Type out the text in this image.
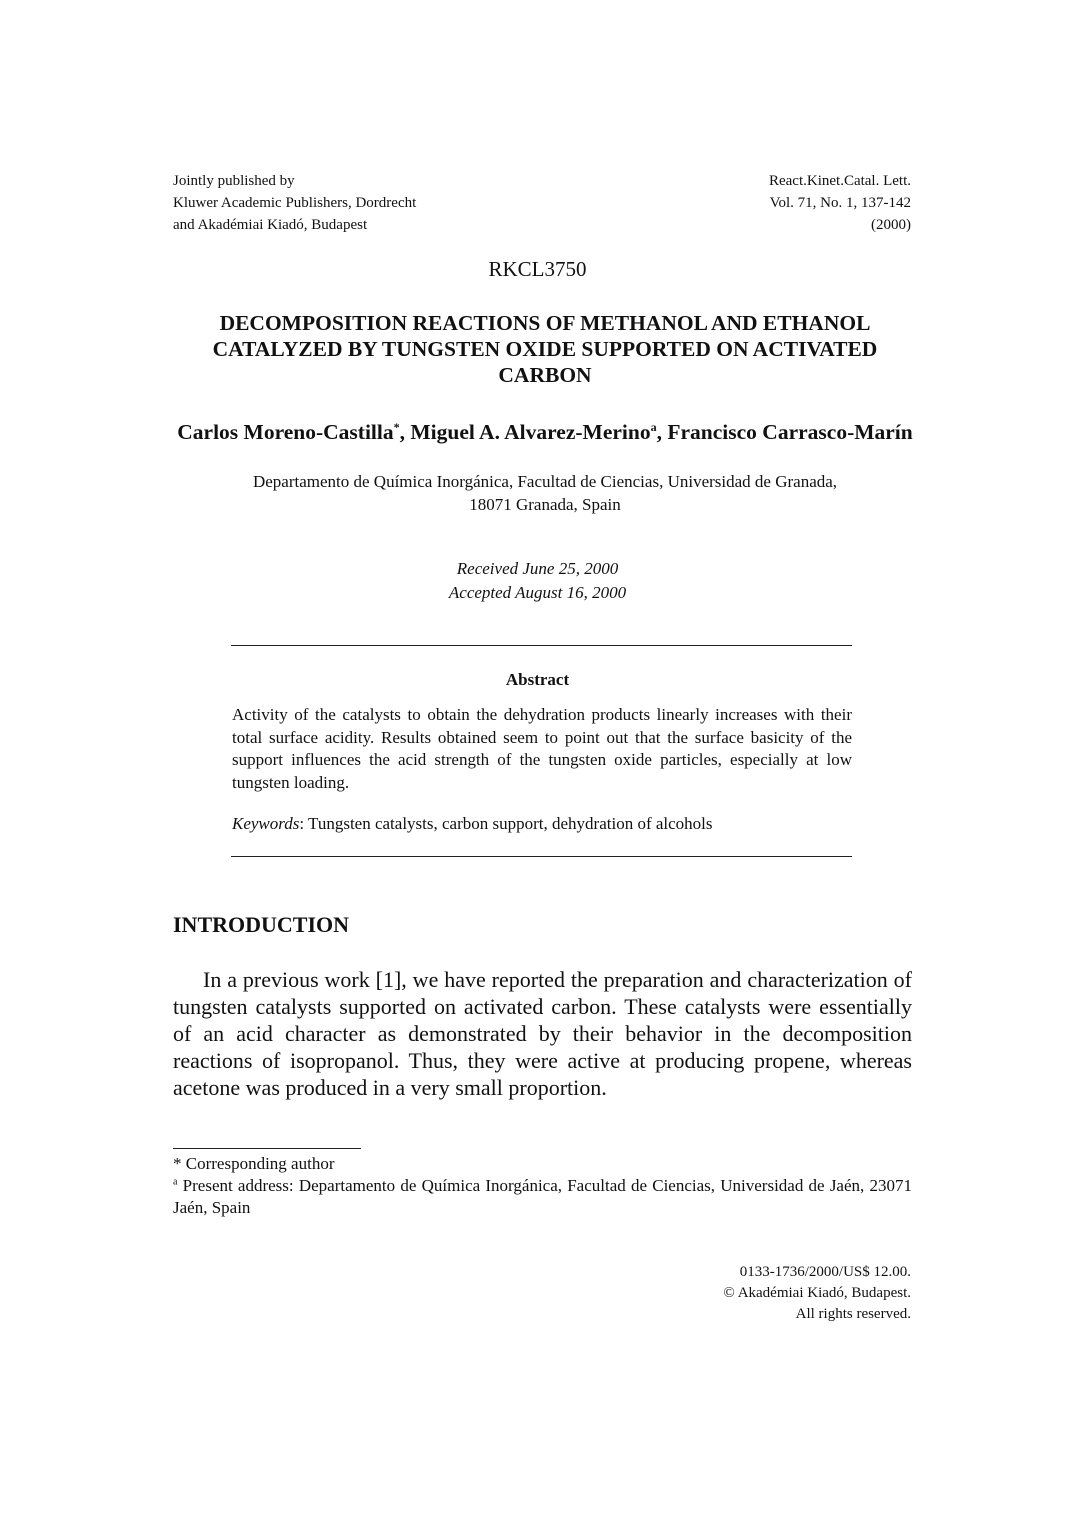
Jointly published by
Kluwer Academic Publishers, Dordrecht
and Akadémiai Kiadó, Budapest
React.Kinet.Catal. Lett.
Vol. 71, No. 1, 137-142
(2000)
RKCL3750
DECOMPOSITION REACTIONS OF METHANOL AND ETHANOL
CATALYZED BY TUNGSTEN OXIDE SUPPORTED ON ACTIVATED
CARBON
Carlos Moreno-Castilla*, Miguel A. Alvarez-Merino$^a$, Francisco Carrasco-Marín
Departamento de Química Inorgánica, Facultad de Ciencias, Universidad de Granada,
18071 Granada, Spain
Received June 25, 2000
Accepted August 16, 2000
Abstract
Activity of the catalysts to obtain the dehydration products linearly increases with their total surface acidity. Results obtained seem to point out that the surface basicity of the support influences the acid strength of the tungsten oxide particles, especially at low tungsten loading.
Keywords: Tungsten catalysts, carbon support, dehydration of alcohols
INTRODUCTION
In a previous work [1], we have reported the preparation and characterization of tungsten catalysts supported on activated carbon. These catalysts were essentially of an acid character as demonstrated by their behavior in the decomposition reactions of isopropanol. Thus, they were active at producing propene, whereas acetone was produced in a very small proportion.

* Corresponding author

$^a$ Present address: Departamento de Química Inorgánica, Facultad de Ciencias, Universidad de Jaén, 23071 Jaén, Spain

0133-1736/2000/US$ 12.00.
© Akadémiai Kiadó, Budapest.
All rights reserved.
